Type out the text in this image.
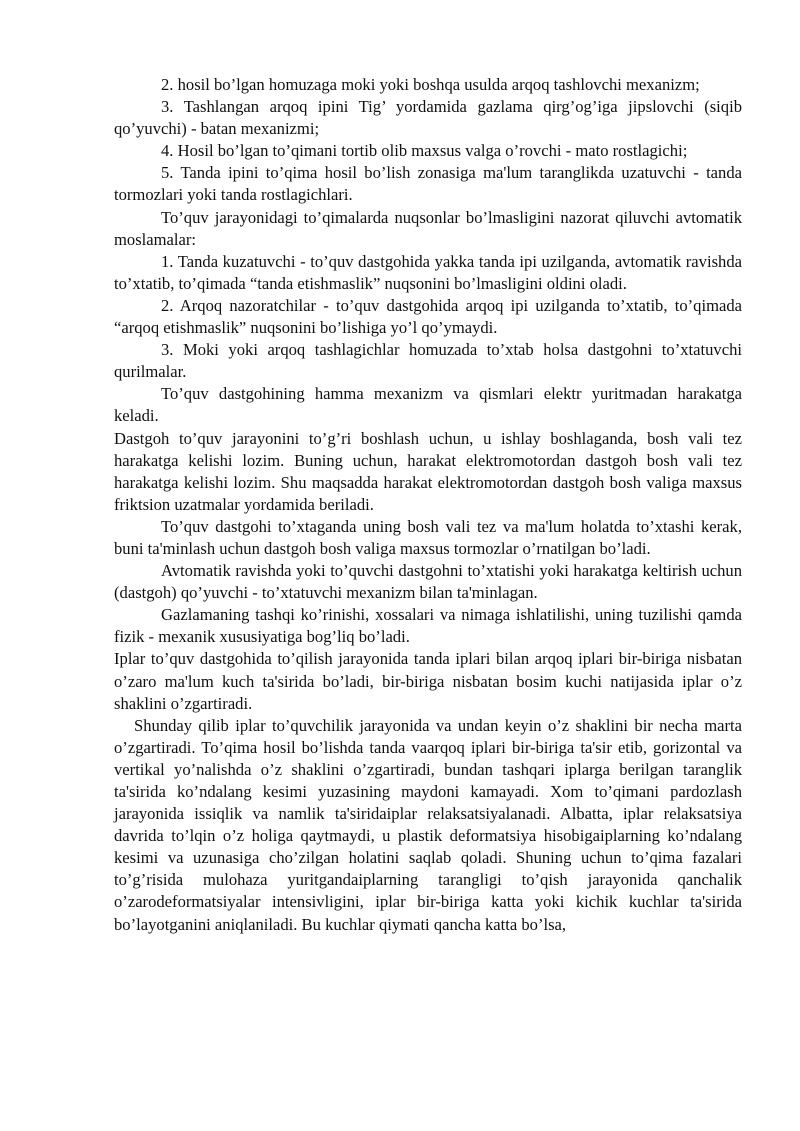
2. hosil bo’lgan homuzaga moki yoki boshqa usulda arqoq tashlovchi mexanizm;

3. Tashlangan arqoq ipini Tig’ yordamida gazlama qirg’og’iga jipslovchi (siqib qo’yuvchi) - batan mexanizmi;

4. Hosil bo’lgan to’qimani tortib olib maxsus valga o’rovchi - mato rostlagichi;

5. Tanda ipini to’qima hosil bo’lish zonasiga ma'lum taranglikda uzatuvchi - tanda tormozlari yoki tanda rostlagichlari.

To’quv jarayonidagi to’qimalarda nuqsonlar bo’lmasligini nazorat qiluvchi avtomatik moslamalar:

1. Tanda kuzatuvchi - to’quv dastgohida yakka tanda ipi uzilganda, avtomatik ravishda to’xtatib, to’qimada “tanda etishmaslik” nuqsonini bo’lmasligini oldini oladi.

2. Arqoq nazoratchilar - to’quv dastgohida arqoq ipi uzilganda to’xtatib, to’qimada “arqoq etishmaslik” nuqsonini bo’lishiga yo’l qo’ymaydi.

3. Moki yoki arqoq tashlagichlar homuzada to’xtab holsa dastgohni to’xtatuvchi qurilmalar.

To’quv dastgohining hamma mexanizm va qismlari elektr yuritmadan harakatga keladi.

Dastgoh to’quv jarayonini to’g’ri boshlash uchun, u ishlay boshlaganda, bosh vali tez harakatga kelishi lozim. Buning uchun, harakat elektromotordan dastgoh bosh vali tez harakatga kelishi lozim. Shu maqsadda harakat elektromotordan dastgoh bosh valiga maxsus friktsion uzatmalar yordamida beriladi.

To’quv dastgohi to’xtaganda uning bosh vali tez va ma'lum holatda to’xtashi kerak, buni ta'minlash uchun dastgoh bosh valiga maxsus tormozlar o’rnatilgan bo’ladi.

Avtomatik ravishda yoki to’quvchi dastgohni to’xtatishi yoki harakatga keltirish uchun (dastgoh) qo’yuvchi - to’xtatuvchi mexanizm bilan ta'minlagan.

Gazlamaning tashqi ko’rinishi, xossalari va nimaga ishlatilishi, uning tuzilishi qamda fizik - mexanik xususiyatiga bog’liq bo’ladi.

Iplar to’quv dastgohida to’qilish jarayonida tanda iplari bilan arqoq iplari bir-biriga nisbatan o’zaro ma'lum kuch ta'sirida bo’ladi, bir-biriga nisbatan bosim kuchi natijasida iplar o’z shaklini o’zgartiradi.

Shunday qilib iplar to’quvchilik jarayonida va undan keyin o’z shaklini bir necha marta o’zgartiradi. To’qima hosil bo’lishda tanda vaarqoq iplari bir-biriga ta'sir etib, gorizontal va vertikal yo’nalishda o’z shaklini o’zgartiradi, bundan tashqari iplarga berilgan taranglik ta'sirida ko’ndalang kesimi yuzasining maydoni kamayadi. Xom to’qimani pardozlash jarayonida issiqlik va namlik ta'siridaiplar relaksatsiyalanadi. Albatta, iplar relaksatsiya davrida to’lqin o’z holiga qaytmaydi, u plastik deformatsiya hisobigaiplarning ko’ndalang kesimi va uzunasiga cho’zilgan holatini saqlab qoladi. Shuning uchun to’qima fazalari to’g’risida mulohaza yuritgandaiplarning tarangligi to’qish jarayonida qanchalik o’zarodeformatsiyalar intensivligini, iplar bir-biriga katta yoki kichik kuchlar ta'sirida bo’layotganini aniqlaniladi. Bu kuchlar qiymati qancha katta bo’lsa,
